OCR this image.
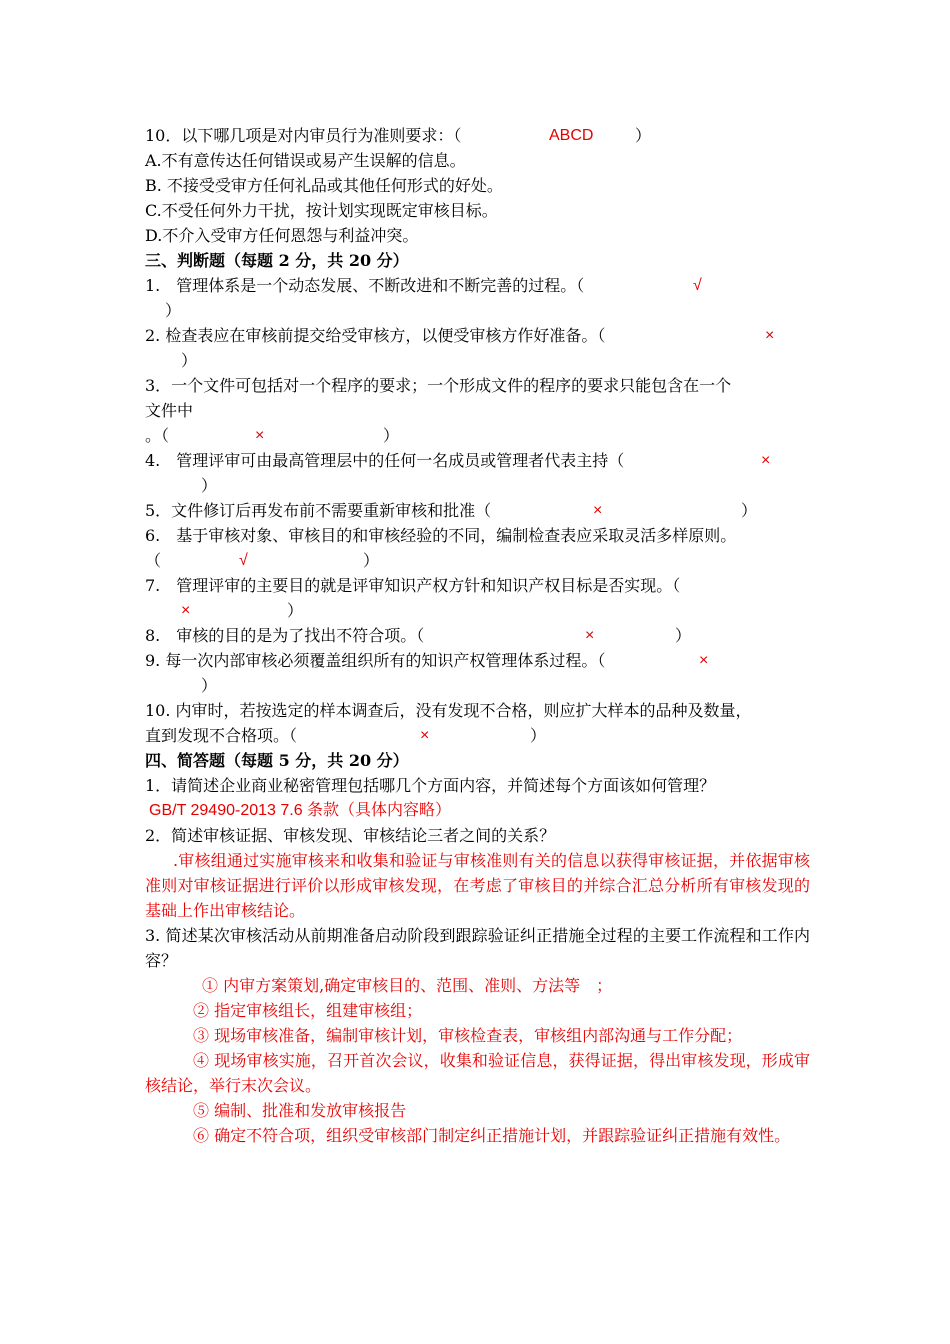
10．以下哪几项是对内审员行为准则要求：（	ABCD	）
A.不有意传达任何错误或易产生误解的信息。
B. 不接受受审方任何礼品或其他任何形式的好处。
C.不受任何外力干扰，按计划实现既定审核目标。
D.不介入受审方任何恩怨与利益冲突。
三、判断题（每题 2 分，共 20 分）
1.　管理体系是一个动态发展、不断改进和不断完善的过程。（	√
）
2. 检查表应在审核前提交给受审核方，以便受审核方作好准备。（	×
）
3．一个文件可包括对一个程序的要求；一个形成文件的程序的要求只能包含在一个
文件中
。（	×	）
4.　管理评审可由最高管理层中的任何一名成员或管理者代表主持（	×
）
5．文件修订后再发布前不需要重新审核和批准（	×	）
6.　基于审核对象、审核目的和审核经验的不同，编制检查表应采取灵活多样原则。
（	√	）
7.　管理评审的主要目的就是评审知识产权方针和知识产权目标是否实现。（
×	）
8.　审核的目的是为了找出不符合项。（	×	）
9. 每一次内部审核必须覆盖组织所有的知识产权管理体系过程。（	×
）
10. 内审时，若按选定的样本调查后，没有发现不合格，则应扩大样本的品种及数量，
直到发现不合格项。（	×	）
四、简答题（每题 5 分，共 20 分）
1．请简述企业商业秘密管理包括哪几个方面内容，并简述每个方面该如何管理？
GB/T 29490-2013 7.6 条款（具体内容略）
2．简述审核证据、审核发现、审核结论三者之间的关系？
.审核组通过实施审核来和收集和验证与审核准则有关的信息以获得审核证据，并依据审核准则对审核证据进行评价以形成审核发现，在考虑了审核目的并综合汇总分析所有审核发现的基础上作出审核结论。
3. 简述某次审核活动从前期准备启动阶段到跟踪验证纠正措施全过程的主要工作流程和工作内容？
① 内审方案策划,确定审核目的、范围、准则、方法等　；
② 指定审核组长，组建审核组；
③ 现场审核准备，编制审核计划，审核检查表，审核组内部沟通与工作分配；
④ 现场审核实施，召开首次会议，收集和验证信息，获得证据，得出审核发现，形成审核结论，举行末次会议。
⑤ 编制、批准和发放审核报告
⑥ 确定不符合项，组织受审核部门制定纠正措施计划，并跟踪验证纠正措施有效性。
